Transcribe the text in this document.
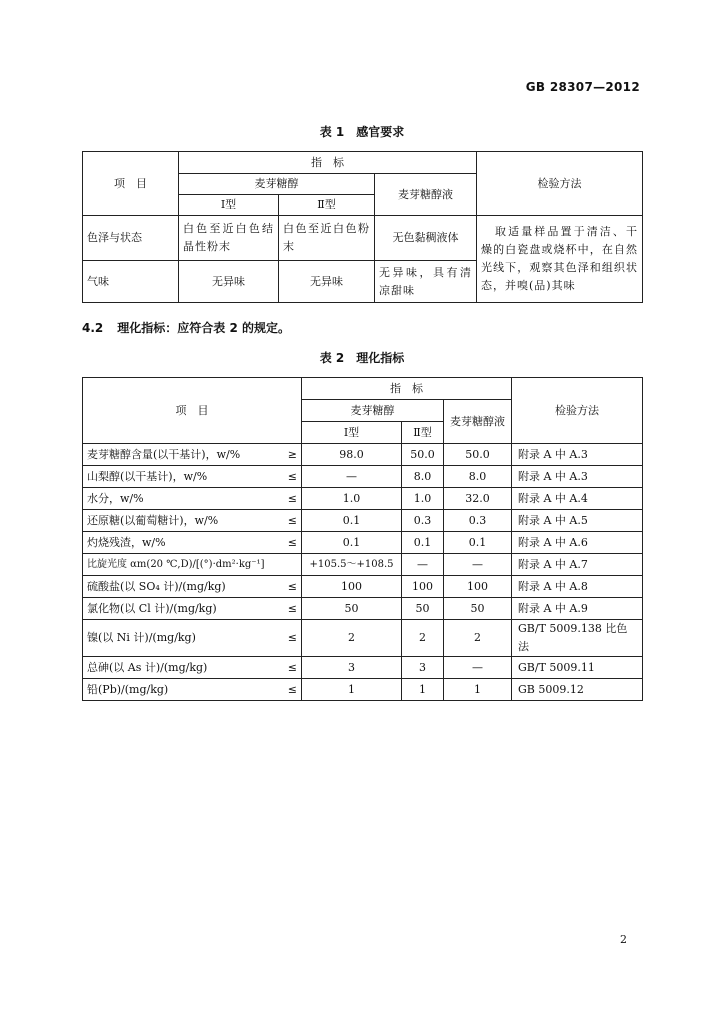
GB 28307—2012
表 1　感官要求
项　目	指　标			检验方法
	麦芽糖醇		麦芽糖醇液	
	Ⅰ型	Ⅱ型		
色泽与状态	白色至近白色结晶性粉末	白色至近白色粉末	无色黏稠液体	取适量样品置于清洁、干燥的白瓷盘或烧杯中，在自然光线下，观察其色泽和组织状态，并嗅(品)其味
气味	无异味	无异味	无异味，具有清凉甜味	
4.2 理化指标：应符合表 2 的规定。
表 2　理化指标
项　目	指　标			检验方法
	麦芽糖醇		麦芽糖醇液	
	Ⅰ型	Ⅱ型		
麦芽糖醇含量(以干基计)，w/% ≥	98.0	50.0	50.0	附录 A 中 A.3
山梨醇(以干基计)，w/% ≤	—	8.0	8.0	附录 A 中 A.3
水分，w/% ≤	1.0	1.0	32.0	附录 A 中 A.4
还原糖(以葡萄糖计)，w/% ≤	0.1	0.3	0.3	附录 A 中 A.5
灼烧残渣，w/% ≤	0.1	0.1	0.1	附录 A 中 A.6
比旋光度 αm(20 ℃,D)/[(°)·dm²·kg⁻¹]	+105.5～+108.5	—	—	附录 A 中 A.7
硫酸盐(以 SO₄ 计)/(mg/kg) ≤	100	100	100	附录 A 中 A.8
氯化物(以 Cl 计)/(mg/kg) ≤	50	50	50	附录 A 中 A.9
镍(以 Ni 计)/(mg/kg) ≤	2	2	2	GB/T 5009.138 比色法
总砷(以 As 计)/(mg/kg) ≤	3	3	—	GB/T 5009.11
铅(Pb)/(mg/kg) ≤	1	1	1	GB 5009.12
2
